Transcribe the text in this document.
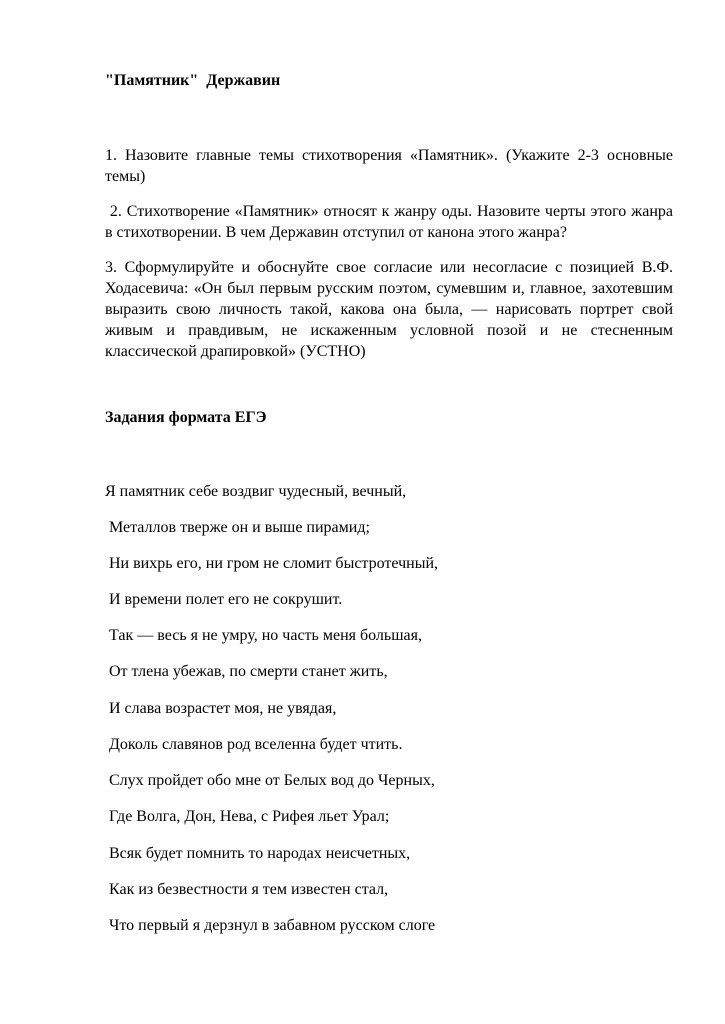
"Памятник"  Державин
1. Назовите главные темы стихотворения «Памятник». (Укажите 2-3 основные темы)
2. Стихотворение «Памятник» относят к жанру оды. Назовите черты этого жанра в стихотворении. В чем Державин отступил от канона этого жанра?
3. Сформулируйте и обоснуйте свое согласие или несогласие с позицией В.Ф. Ходасевича: «Он был первым русским поэтом, сумевшим и, главное, захотевшим выразить свою личность такой, какова она была, — нарисовать портрет свой живым и правдивым, не искаженным условной позой и не стесненным классической драпировкой» (УСТНО)
Задания формата ЕГЭ
Я памятник себе воздвиг чудесный, вечный,
Металлов тверже он и выше пирамид;
Ни вихрь его, ни гром не сломит быстротечный,
И времени полет его не сокрушит.
Так — весь я не умру, но часть меня большая,
От тлена убежав, по смерти станет жить,
И слава возрастет моя, не увядая,
Доколь славянов род вселенна будет чтить.
Слух пройдет обо мне от Белых вод до Черных,
Где Волга, Дон, Нева, с Рифея льет Урал;
Всяк будет помнить то народах неисчетных,
Как из безвестности я тем известен стал,
Что первый я дерзнул в забавном русском слоге
